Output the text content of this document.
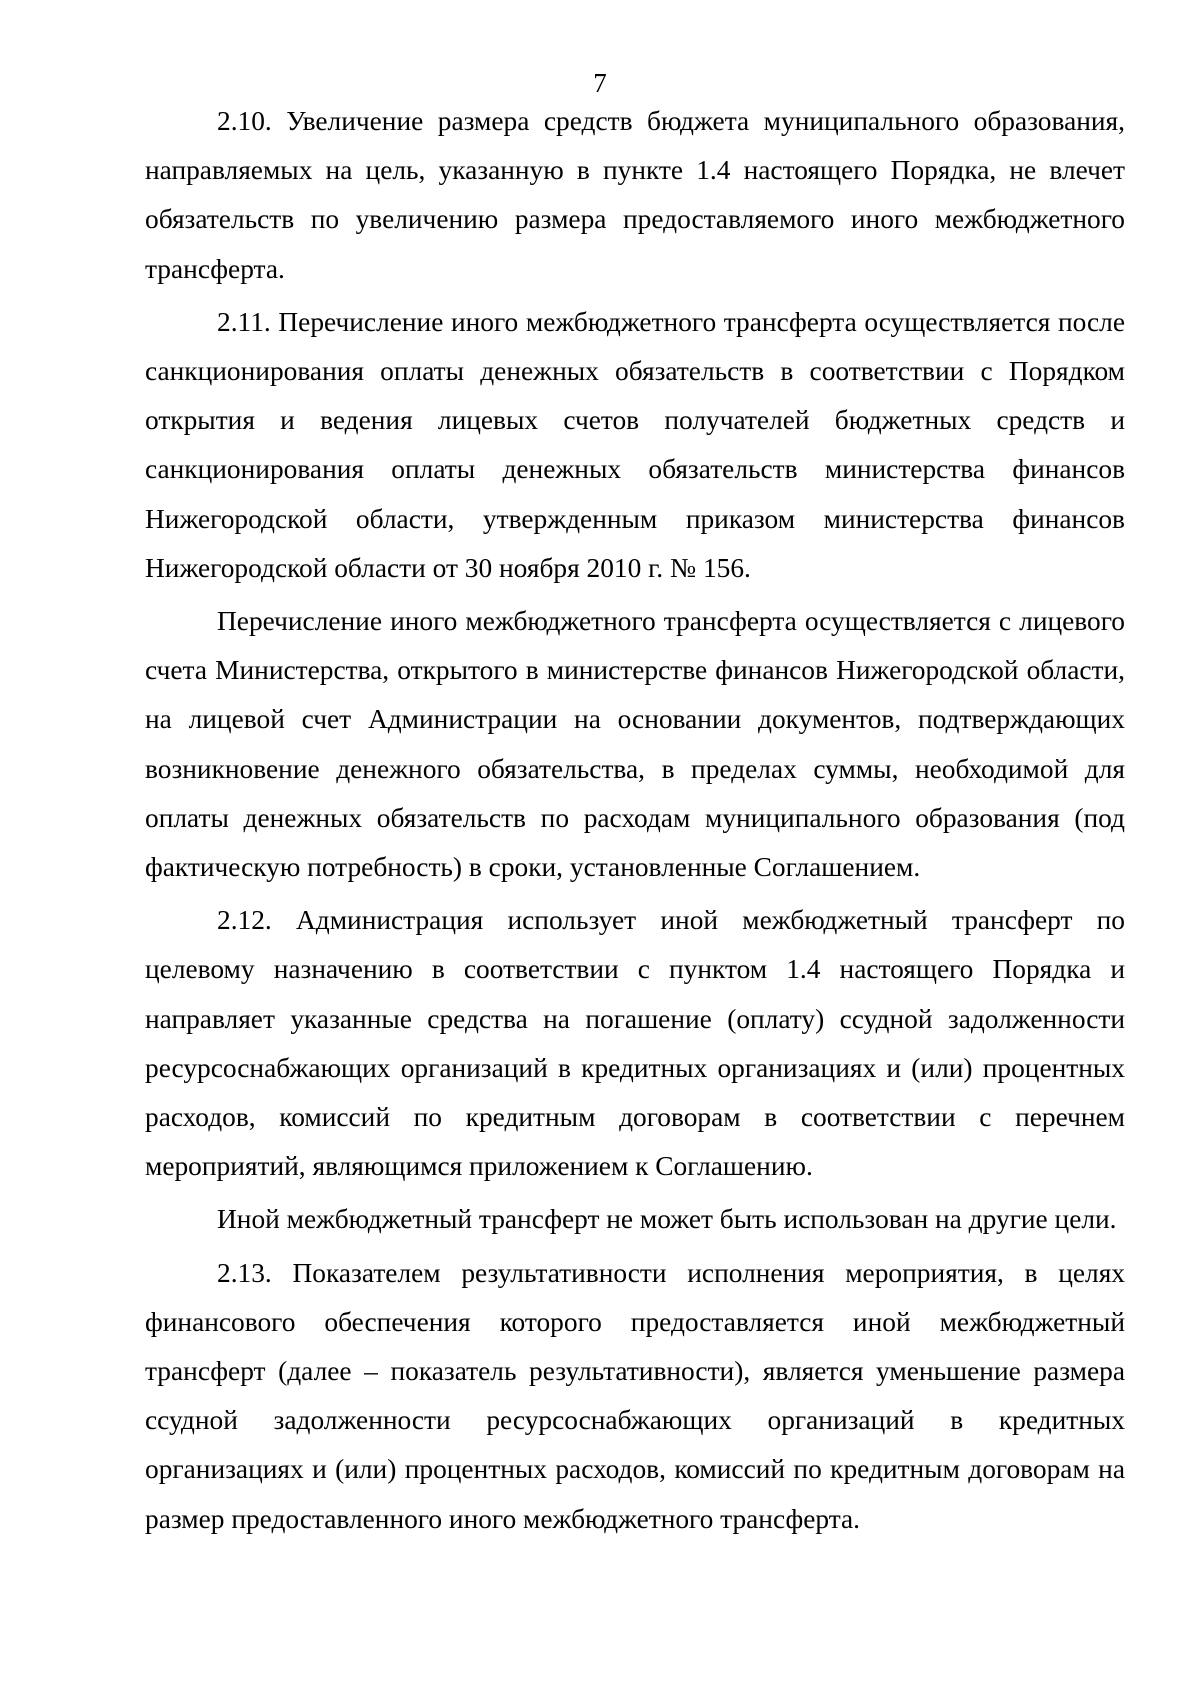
7

2.10. Увеличение размера средств бюджета муниципального образования, направляемых на цель, указанную в пункте 1.4 настоящего Порядка, не влечет обязательств по увеличению размера предоставляемого иного межбюджетного трансферта.

2.11. Перечисление иного межбюджетного трансферта осуществляется после санкционирования оплаты денежных обязательств в соответствии с Порядком открытия и ведения лицевых счетов получателей бюджетных средств и санкционирования оплаты денежных обязательств министерства финансов Нижегородской области, утвержденным приказом министерства финансов Нижегородской области от 30 ноября 2010 г. № 156.

Перечисление иного межбюджетного трансферта осуществляется с лицевого счета Министерства, открытого в министерстве финансов Нижегородской области, на лицевой счет Администрации на основании документов, подтверждающих возникновение денежного обязательства, в пределах суммы, необходимой для оплаты денежных обязательств по расходам муниципального образования (под фактическую потребность) в сроки, установленные Соглашением.

2.12. Администрация использует иной межбюджетный трансферт по целевому назначению в соответствии с пунктом 1.4 настоящего Порядка и направляет указанные средства на погашение (оплату) ссудной задолженности ресурсоснабжающих организаций в кредитных организациях и (или) процентных расходов, комиссий по кредитным договорам в соответствии с перечнем мероприятий, являющимся приложением к Соглашению.

Иной межбюджетный трансферт не может быть использован на другие цели.

2.13. Показателем результативности исполнения мероприятия, в целях финансового обеспечения которого предоставляется иной межбюджетный трансферт (далее – показатель результативности), является уменьшение размера ссудной задолженности ресурсоснабжающих организаций в кредитных организациях и (или) процентных расходов, комиссий по кредитным договорам на размер предоставленного иного межбюджетного трансферта.
